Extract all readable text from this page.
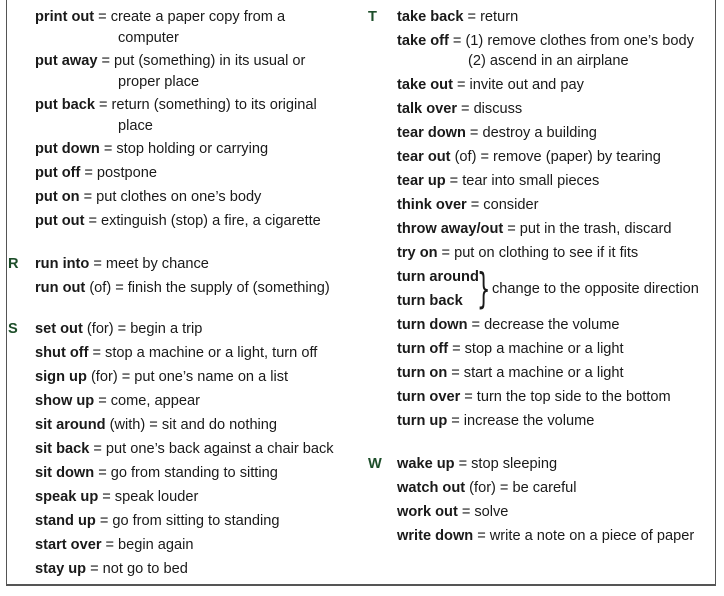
print out = create a paper copy from a
computer
put away = put (something) in its usual or
proper place
put back = return (something) to its original
place
put down = stop holding or carrying
put off = postpone
put on = put clothes on one’s body
put out = extinguish (stop) a fire, a cigarette
R run into = meet by chance
run out (of) = finish the supply of (something)
S set out (for) = begin a trip
shut off = stop a machine or a light, turn off
sign up (for) = put one’s name on a list
show up = come, appear
sit around (with) = sit and do nothing
sit back = put one’s back against a chair back
sit down = go from standing to sitting
speak up = speak louder
stand up = go from sitting to standing
start over = begin again
stay up = not go to bed
T take back = return
take off = (1) remove clothes from one’s body
(2) ascend in an airplane
take out = invite out and pay
talk over = discuss
tear down = destroy a building
tear out (of) = remove (paper) by tearing
tear up = tear into small pieces
think over = consider
throw away/out = put in the trash, discard
try on = put on clothing to see if it fits
turn around
turn back } change to the opposite direction
turn down = decrease the volume
turn off = stop a machine or a light
turn on = start a machine or a light
turn over = turn the top side to the bottom
turn up = increase the volume
W wake up = stop sleeping
watch out (for) = be careful
work out = solve
write down = write a note on a piece of paper
